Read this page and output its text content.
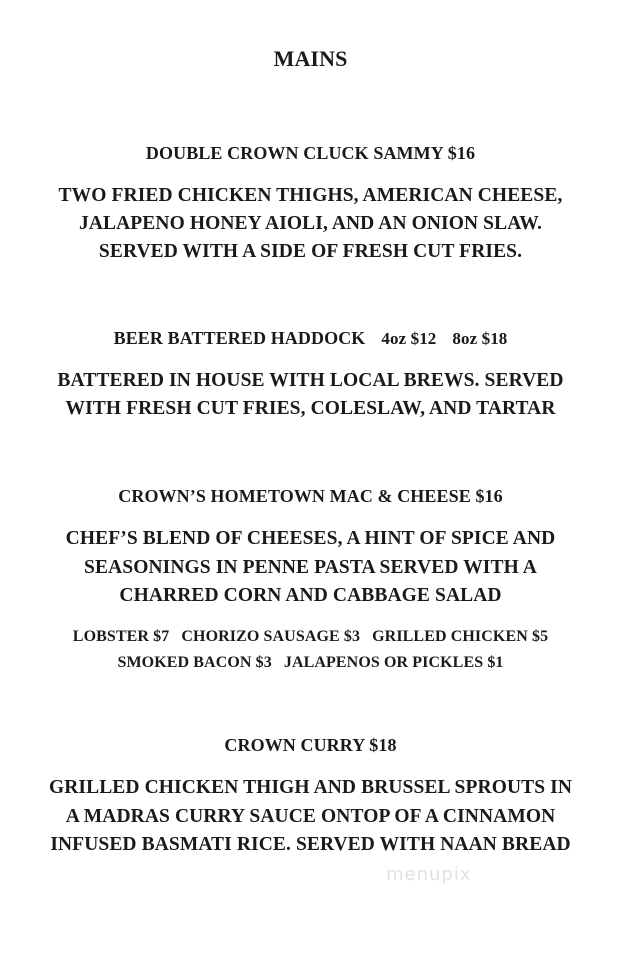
MAINS
DOUBLE CROWN CLUCK SAMMY $16
TWO FRIED CHICKEN THIGHS, AMERICAN CHEESE,
JALAPENO HONEY AIOLI, AND AN ONION SLAW.
SERVED WITH A SIDE OF FRESH CUT FRIES.
BEER BATTERED HADDOCK 4oz $12 8oz $18
BATTERED IN HOUSE WITH LOCAL BREWS. SERVED
WITH FRESH CUT FRIES, COLESLAW, AND TARTAR
CROWN’S HOMETOWN MAC & CHEESE $16
CHEF’S BLEND OF CHEESES, A HINT OF SPICE AND
SEASONINGS IN PENNE PASTA SERVED WITH A
CHARRED CORN AND CABBAGE SALAD
LOBSTER $7 CHORIZO SAUSAGE $3 GRILLED CHICKEN $5
SMOKED BACON $3 JALAPENOS OR PICKLES $1
CROWN CURRY $18
GRILLED CHICKEN THIGH AND BRUSSEL SPROUTS IN
A MADRAS CURRY SAUCE ONTOP OF A CINNAMON
INFUSED BASMATI RICE. SERVED WITH NAAN BREAD
menupix
